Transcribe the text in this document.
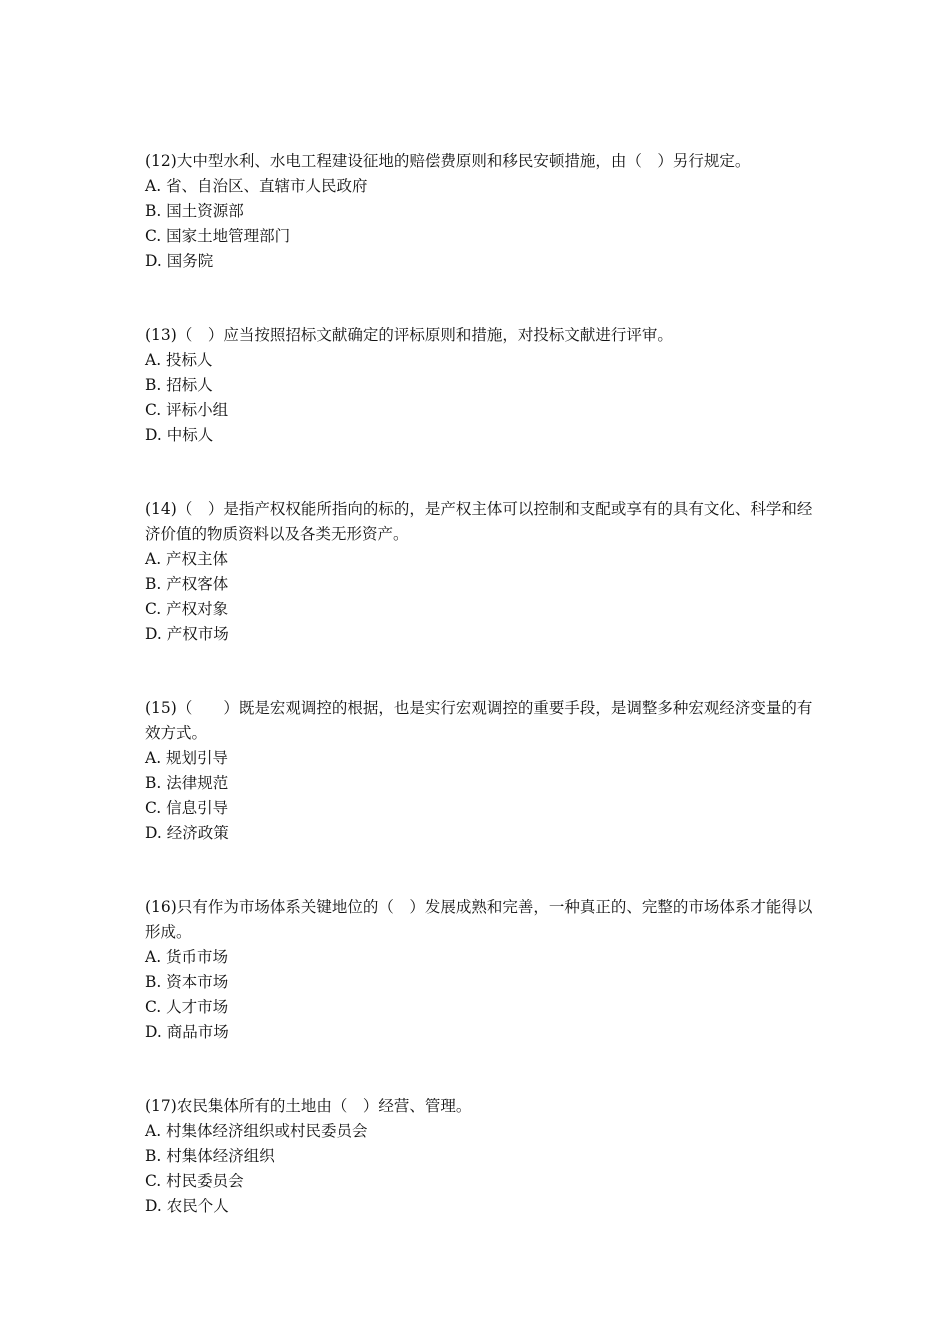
(12)大中型水利、水电工程建设征地的赔偿费原则和移民安顿措施，由（　）另行规定。

A. 省、自治区、直辖市人民政府

B. 国土资源部

C. 国家土地管理部门

D. 国务院

(13)（　）应当按照招标文献确定的评标原则和措施，对投标文献进行评审。

A. 投标人

B. 招标人

C. 评标小组

D. 中标人

(14)（　）是指产权权能所指向的标的，是产权主体可以控制和支配或享有的具有文化、科学和经济价值的物质资料以及各类无形资产。

A. 产权主体

B. 产权客体

C. 产权对象

D. 产权市场

(15)（　　）既是宏观调控的根据，也是实行宏观调控的重要手段，是调整多种宏观经济变量的有效方式。

A. 规划引导

B. 法律规范

C. 信息引导

D. 经济政策

(16)只有作为市场体系关键地位的（　）发展成熟和完善，一种真正的、完整的市场体系才能得以形成。

A. 货币市场

B. 资本市场

C. 人才市场

D. 商品市场

(17)农民集体所有的土地由（　）经营、管理。

A. 村集体经济组织或村民委员会

B. 村集体经济组织

C. 村民委员会

D. 农民个人
